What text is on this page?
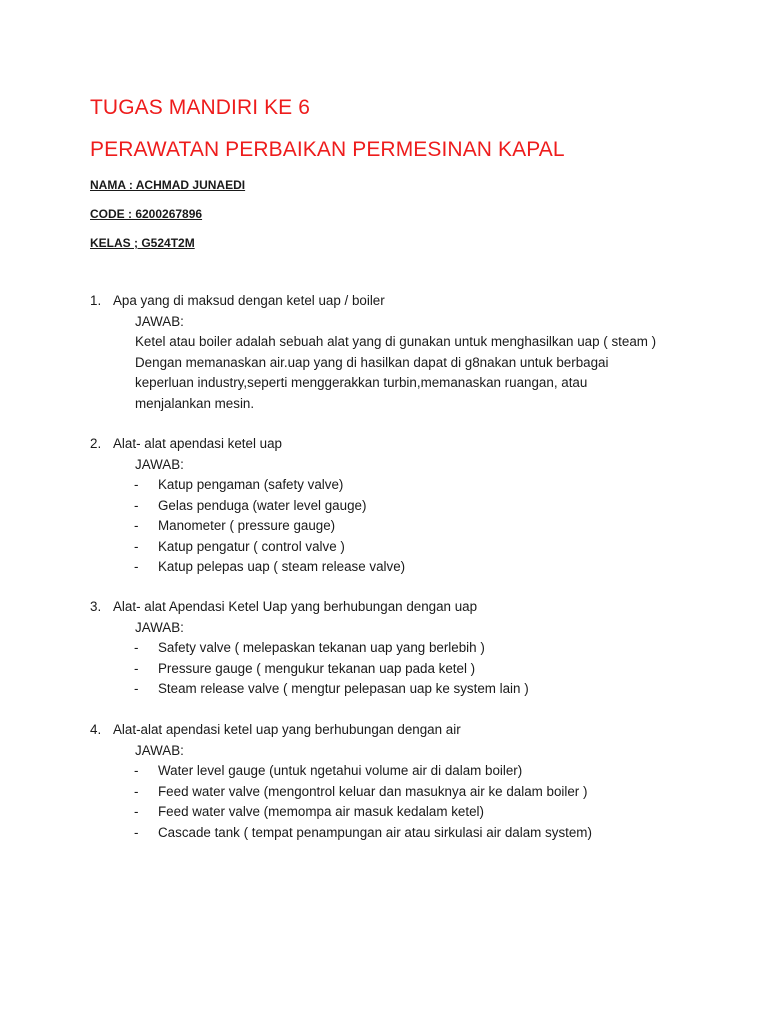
TUGAS MANDIRI KE 6
PERAWATAN PERBAIKAN PERMESINAN KAPAL
NAMA : ACHMAD JUNAEDI
CODE : 6200267896
KELAS ; G524T2M
1. Apa yang di maksud dengan ketel uap / boiler
JAWAB:
Ketel atau boiler adalah sebuah alat yang di gunakan untuk menghasilkan uap ( steam )
Dengan memanaskan air.uap yang di hasilkan dapat di g8nakan untuk berbagai
keperluan industry,seperti menggerakkan turbin,memanaskan ruangan, atau
menjalankan mesin.
2. Alat- alat apendasi ketel uap
JAWAB:
-	Katup pengaman (safety valve)
-	Gelas penduga (water level gauge)
-	Manometer ( pressure gauge)
-	Katup pengatur ( control valve )
-	Katup pelepas uap ( steam release valve)
3. Alat- alat Apendasi Ketel Uap yang berhubungan dengan uap
JAWAB:
-	Safety valve ( melepaskan tekanan uap yang berlebih )
-	Pressure gauge ( mengukur tekanan uap pada ketel )
-	Steam release valve ( mengtur pelepasan uap ke system lain )
4. Alat-alat apendasi ketel uap yang berhubungan dengan air
JAWAB:
-	Water level gauge (untuk ngetahui volume air di dalam boiler)
-	Feed water valve (mengontrol keluar dan masuknya air ke dalam boiler )
-	Feed water valve (memompa air masuk kedalam ketel)
-	Cascade tank ( tempat penampungan air atau sirkulasi air dalam system)
